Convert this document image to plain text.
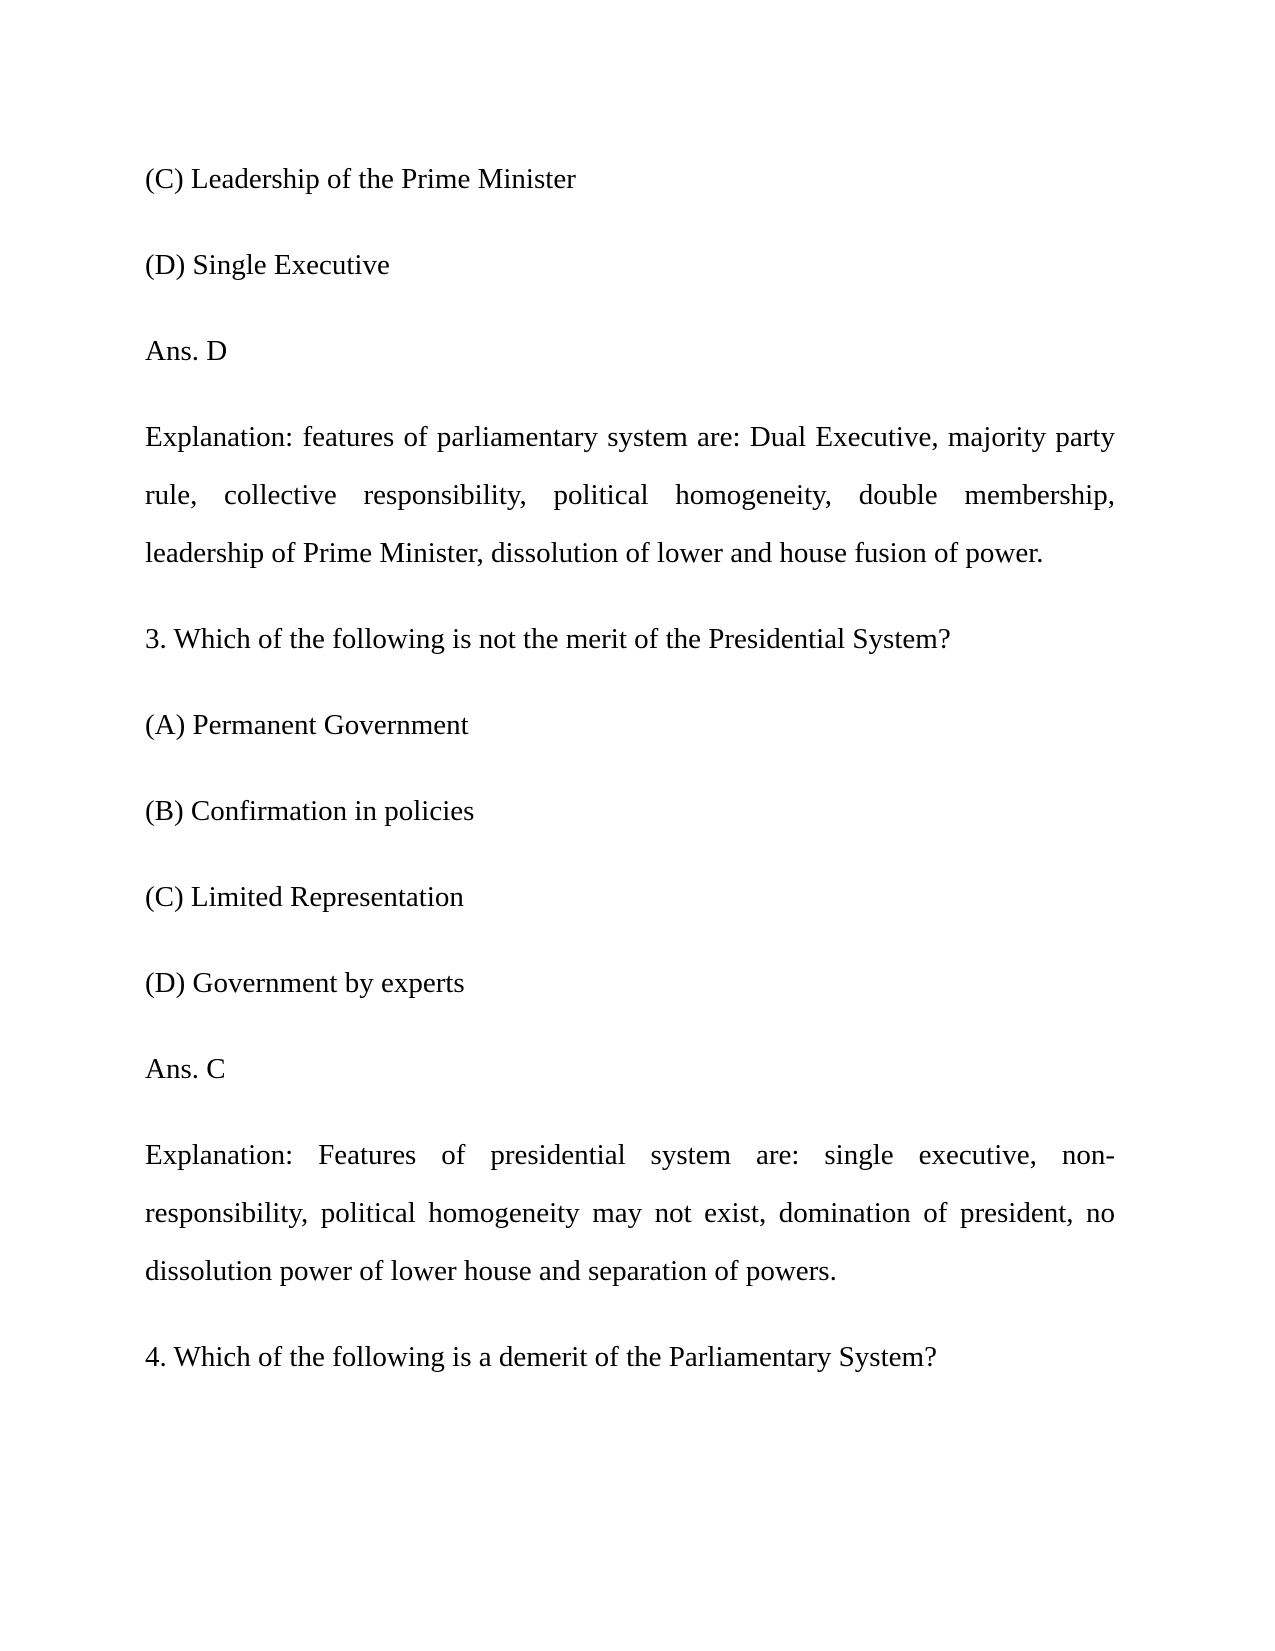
(C) Leadership of the Prime Minister

(D) Single Executive

Ans. D

Explanation: features of parliamentary system are: Dual Executive, majority party rule, collective responsibility, political homogeneity, double membership, leadership of Prime Minister, dissolution of lower and house fusion of power.

3. Which of the following is not the merit of the Presidential System?

(A) Permanent Government

(B) Confirmation in policies

(C) Limited Representation

(D) Government by experts

Ans. C

Explanation: Features of presidential system are: single executive, non-responsibility, political homogeneity may not exist, domination of president, no dissolution power of lower house and separation of powers.

4. Which of the following is a demerit of the Parliamentary System?
